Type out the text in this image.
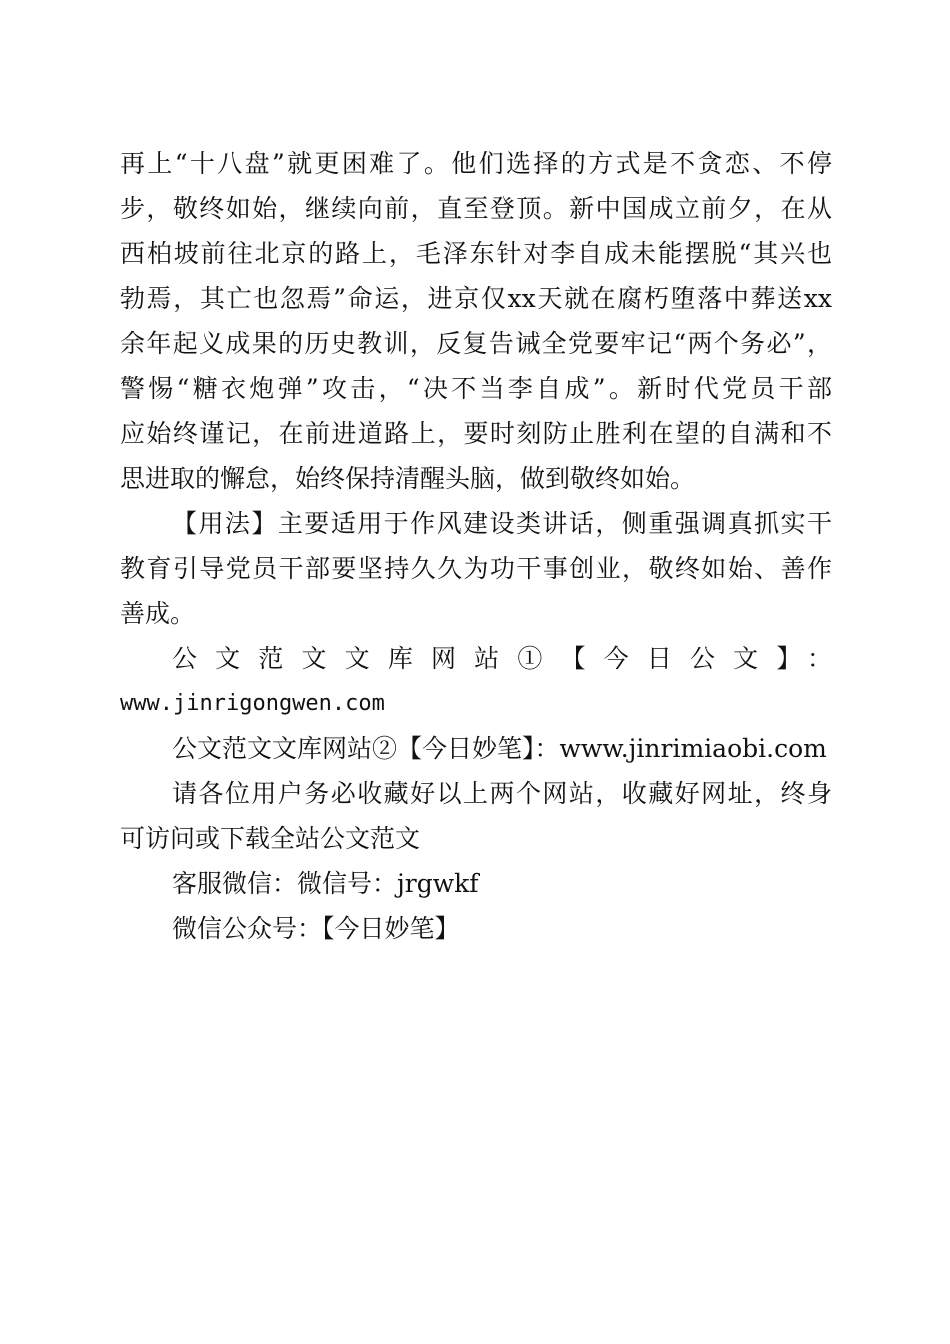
再上“十八盘”就更困难了。他们选择的方式是不贪恋、不停
步，敬终如始，继续向前，直至登顶。新中国成立前夕，在从
西柏坡前往北京的路上，毛泽东针对李自成未能摆脱“其兴也
勃焉，其亡也忽焉”命运，进京仅xx天就在腐朽堕落中葬送xx
余年起义成果的历史教训，反复告诫全党要牢记“两个务必”，
警惕“糖衣炮弹”攻击，“决不当李自成”。新时代党员干部
应始终谨记，在前进道路上，要时刻防止胜利在望的自满和不
思进取的懈怠，始终保持清醒头脑，做到敬终如始。
【用法】主要适用于作风建设类讲话，侧重强调真抓实干
教育引导党员干部要坚持久久为功干事创业，敬终如始、善作
善成。
公文范文文库网站①【今日公文】：
www.jinrigongwen.com
公文范文文库网站②【今日妙笔】：www.jinrimiaobi.com
请各位用户务必收藏好以上两个网站，收藏好网址，终身
可访问或下载全站公文范文
客服微信：微信号：jrgwkf
微信公众号：【今日妙笔】
